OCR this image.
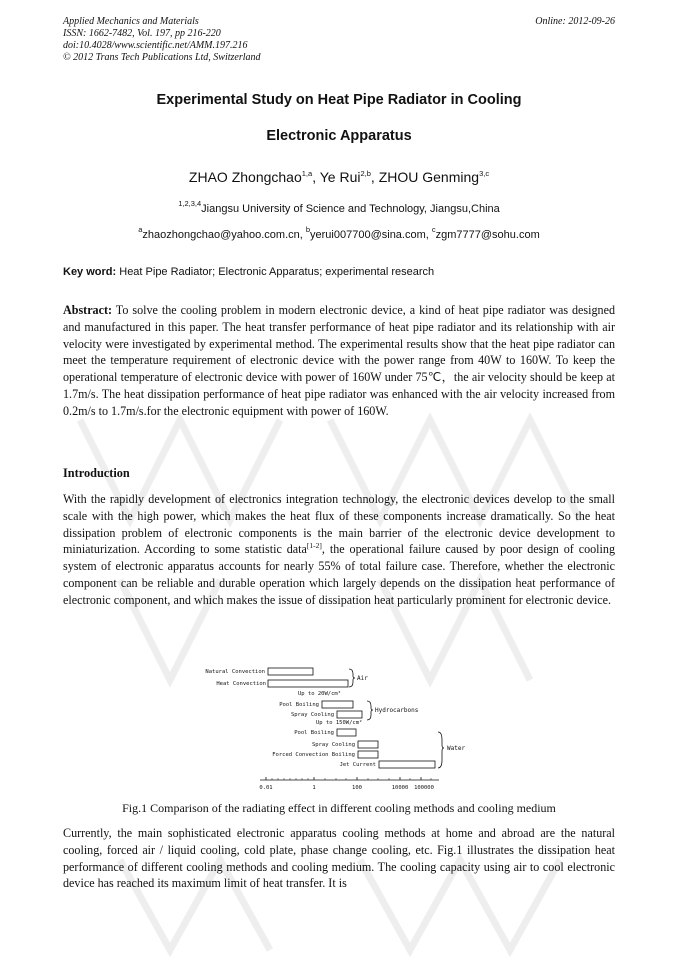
Applied Mechanics and Materials
ISSN: 1662-7482, Vol. 197, pp 216-220
doi:10.4028/www.scientific.net/AMM.197.216
© 2012 Trans Tech Publications Ltd, Switzerland
Online: 2012-09-26
Experimental Study on Heat Pipe Radiator in Cooling
Electronic Apparatus
ZHAO Zhongchao$^{1,a}$, Ye Rui$^{2,b}$, ZHOU Genming$^{3,c}$
$^{1,2,3,4}$Jiangsu University of Science and Technology, Jiangsu,China
$^a$zhaozhongchao@yahoo.com.cn, $^b$yerui007700@sina.com, $^c$zgm7777@sohu.com
Key word: Heat Pipe Radiator; Electronic Apparatus; experimental research
Abstract: To solve the cooling problem in modern electronic device, a kind of heat pipe radiator was designed and manufactured in this paper. The heat transfer performance of heat pipe radiator and its relationship with air velocity were investigated by experimental method. The experimental results show that the heat pipe radiator can meet the temperature requirement of electronic device with the power range from 40W to 160W. To keep the operational temperature of electronic device with power of 160W under 75℃，the air velocity should be keep at 1.7m/s. The heat dissipation performance of heat pipe radiator was enhanced with the air velocity increased from 0.2m/s to 1.7m/s.for the electronic equipment with power of 160W.
Introduction
With the rapidly development of electronics integration technology, the electronic devices develop to the small scale with the high power, which makes the heat flux of these components increase dramatically. So the heat dissipation problem of electronic components is the main barrier of the electronic device development to miniaturization. According to some statistic data[1-2], the operational failure caused by poor design of cooling system of electronic apparatus accounts for nearly 55% of total failure case. Therefore, whether the electronic component can be reliable and durable operation which largely depends on the dissipation heat performance of electronic component, and which makes the issue of dissipation heat particularly prominent for electronic device.
Natural Convection
Heat Convection
Pool Boiling
Spray Cooling
Pool Boiling
Spray Cooling
Forced Convection Boiling
Jet Current
Up to 20W/cm²
Up to 150W/cm²
Air
Hydrocarbons
Water
0.01	1	100	10000 100000
Fig.1 Comparison of the radiating effect in different cooling methods and cooling medium
Currently, the main sophisticated electronic apparatus cooling methods at home and abroad are the natural cooling, forced air / liquid cooling, cold plate, phase change cooling, etc. Fig.1 illustrates the dissipation heat performance of different cooling methods and cooling medium. The cooling capacity using air to cool electronic device has reached its maximum limit of heat transfer. It is
